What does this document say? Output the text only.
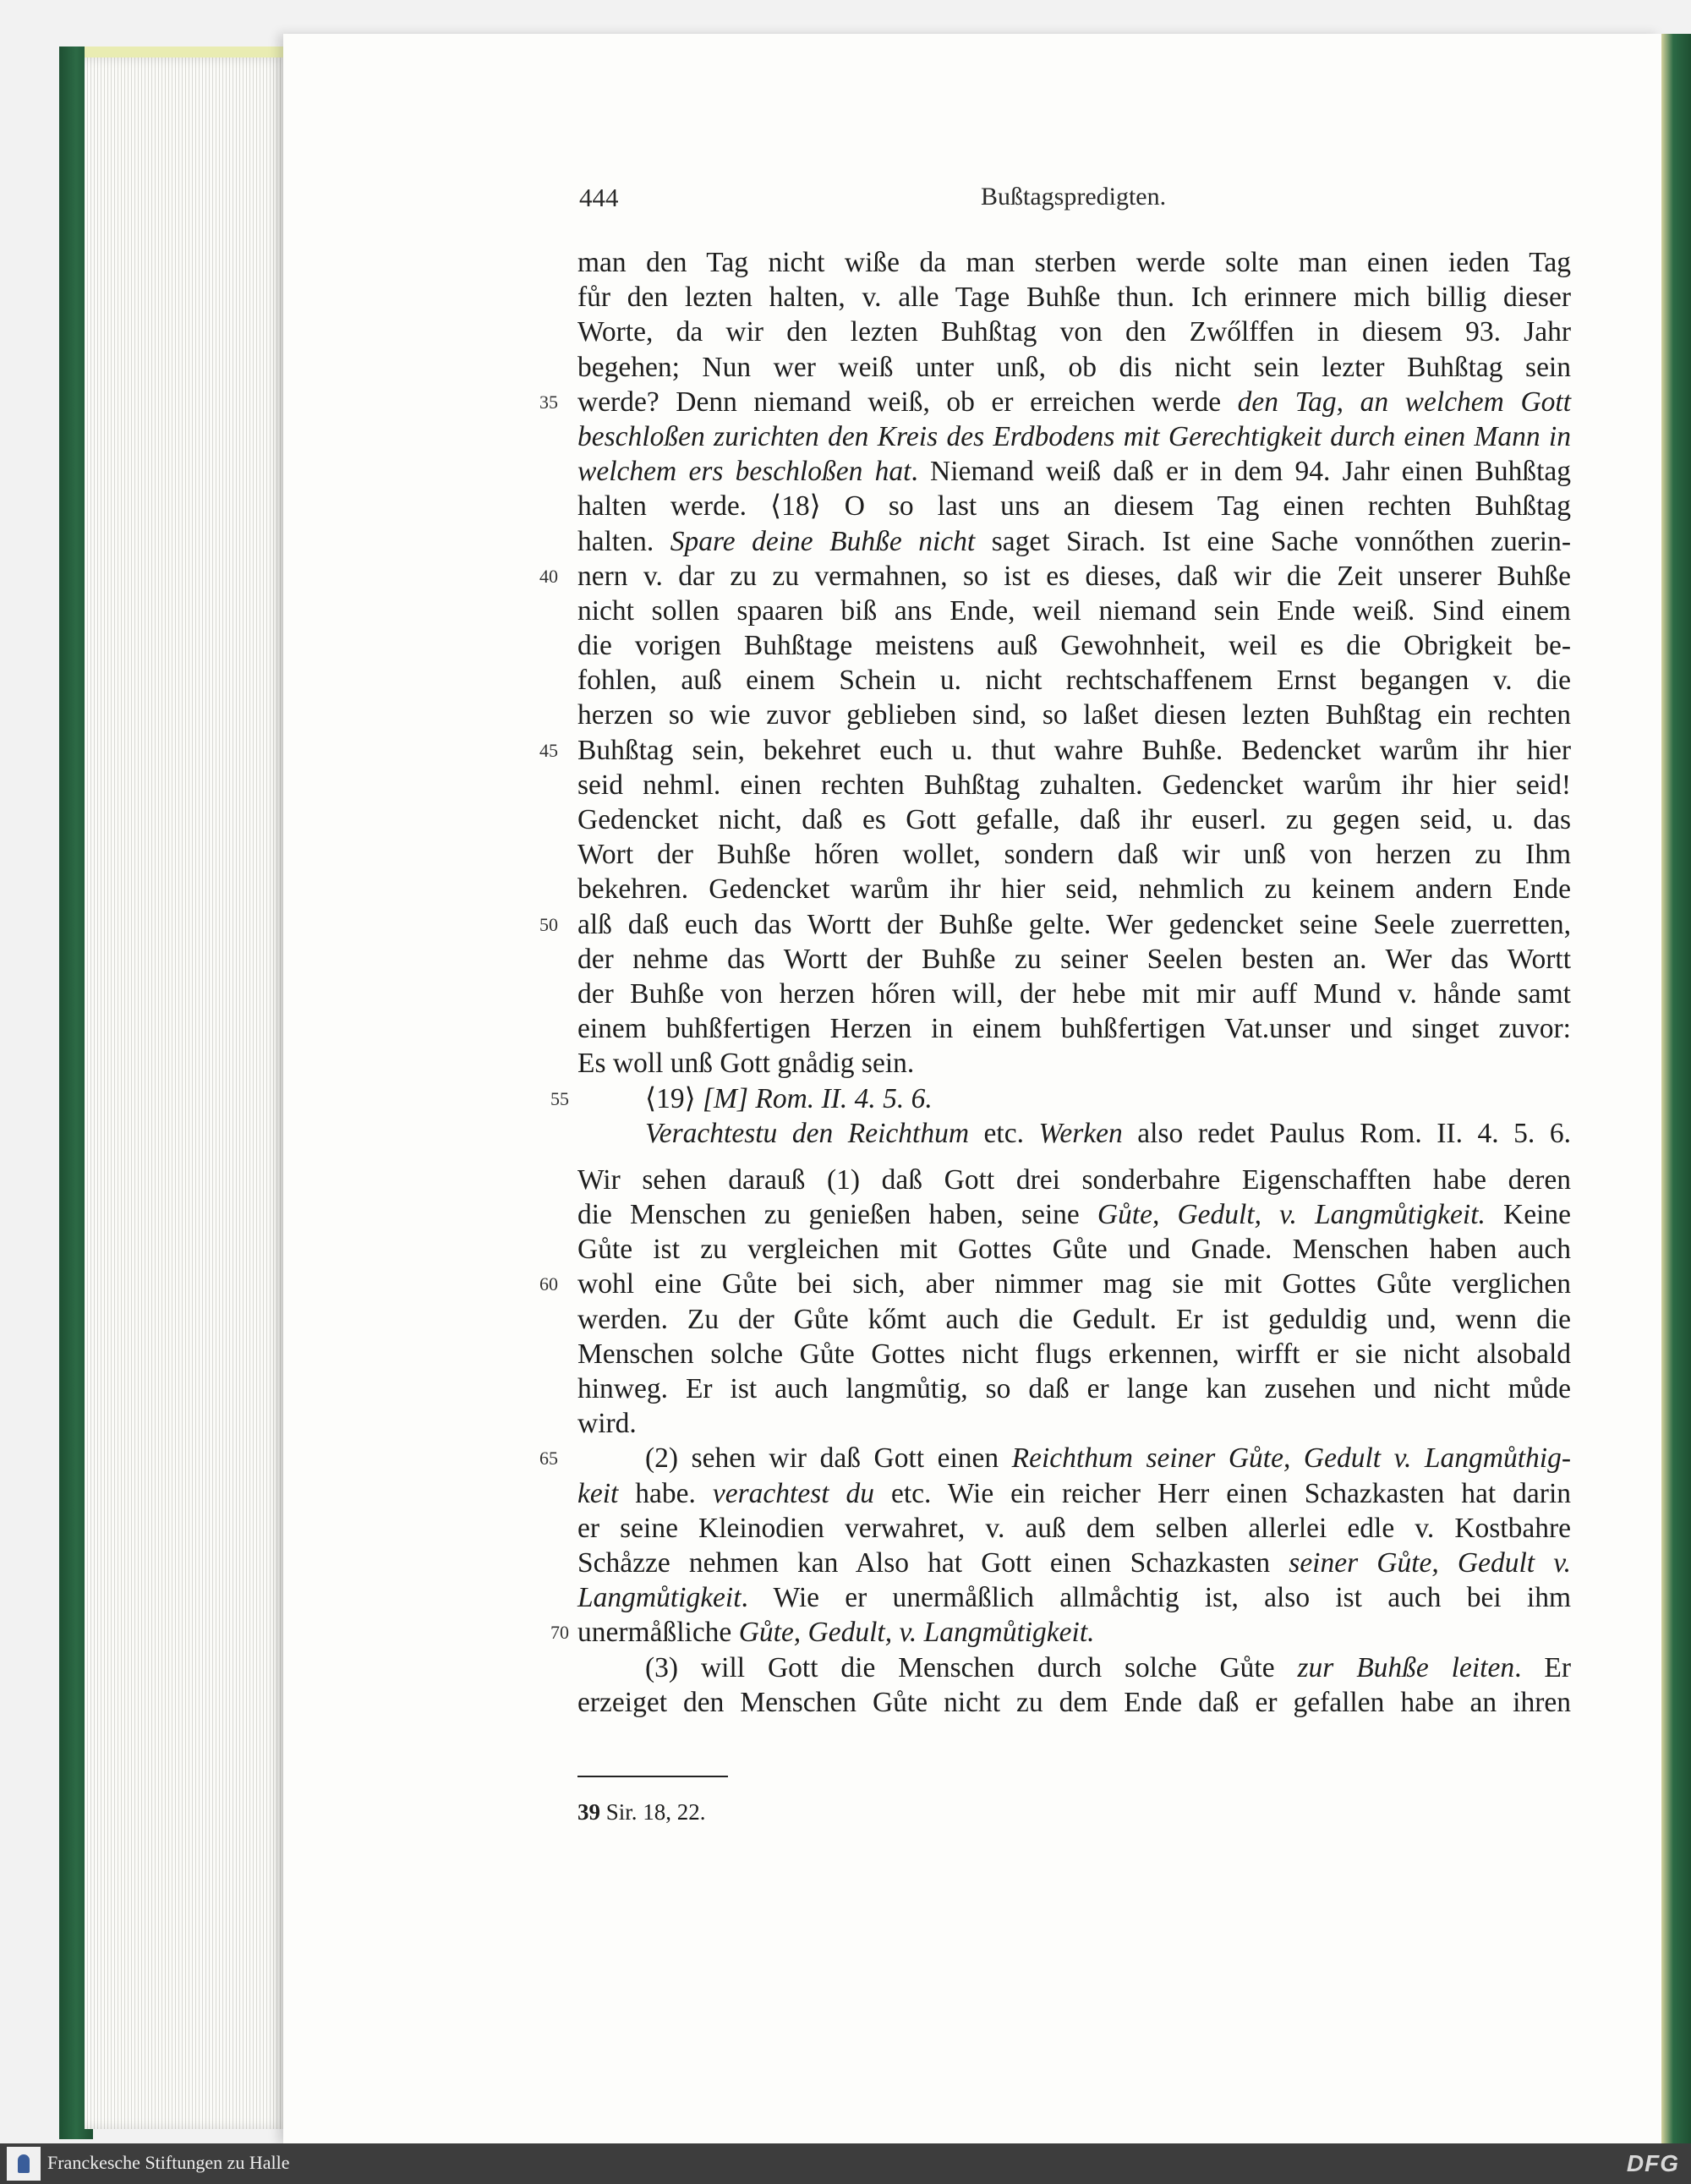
444	Bußtagspredigten.
man den Tag nicht wiße da man sterben werde solte man einen ieden Tag
fůr den lezten halten, v. alle Tage Buhße thun. Ich erinnere mich billig dieser
Worte, da wir den lezten Buhßtag von den Zwőlffen in diesem 93. Jahr
begehen; Nun wer weiß unter unß, ob dis nicht sein lezter Buhßtag sein
35 werde? Denn niemand weiß, ob er erreichen werde den Tag, an welchem Gott
beschloßen zurichten den Kreis des Erdbodens mit Gerechtigkeit durch einen Mann in
welchem ers beschloßen hat. Niemand weiß daß er in dem 94. Jahr einen Buhßtag
halten werde. ⟨18⟩ O so last uns an diesem Tag einen rechten Buhßtag
halten. Spare deine Buhße nicht saget Sirach. Ist eine Sache vonnőthen zuerin-
40 nern v. dar zu zu vermahnen, so ist es dieses, daß wir die Zeit unserer Buhße
nicht sollen spaaren biß ans Ende, weil niemand sein Ende weiß. Sind einem
die vorigen Buhßtage meistens auß Gewohnheit, weil es die Obrigkeit be-
fohlen, auß einem Schein u. nicht rechtschaffenem Ernst begangen v. die
herzen so wie zuvor geblieben sind, so laßet diesen lezten Buhßtag ein rechten
45 Buhßtag sein, bekehret euch u. thut wahre Buhße. Bedencket warům ihr hier
seid nehml. einen rechten Buhßtag zuhalten. Gedencket warům ihr hier seid!
Gedencket nicht, daß es Gott gefalle, daß ihr euserl. zu gegen seid, u. das
Wort der Buhße hőren wollet, sondern daß wir unß von herzen zu Ihm
bekehren. Gedencket warům ihr hier seid, nehmlich zu keinem andern Ende
50 alß daß euch das Wortt der Buhße gelte. Wer gedencket seine Seele zuerretten,
der nehme das Wortt der Buhße zu seiner Seelen besten an. Wer das Wortt
der Buhße von herzen hőren will, der hebe mit mir auff Mund v. hånde samt
einem buhßfertigen Herzen in einem buhßfertigen Vat.unser und singet zuvor:
Es woll unß Gott gnådig sein.
55	⟨19⟩ [M] Rom. II. 4. 5. 6.
Verachtestu den Reichthum etc. Werken also redet Paulus Rom. II. 4. 5. 6.
Wir sehen darauß (1) daß Gott drei sonderbahre Eigenschafften habe deren
die Menschen zu genießen haben, seine Gůte, Gedult, v. Langmůtigkeit. Keine
Gůte ist zu vergleichen mit Gottes Gůte und Gnade. Menschen haben auch
60 wohl eine Gůte bei sich, aber nimmer mag sie mit Gottes Gůte verglichen
werden. Zu der Gůte kőmt auch die Gedult. Er ist geduldig und, wenn die
Menschen solche Gůte Gottes nicht flugs erkennen, wirfft er sie nicht alsobald
hinweg. Er ist auch langmůtig, so daß er lange kan zusehen und nicht můde
wird.
65	(2) sehen wir daß Gott einen Reichthum seiner Gůte, Gedult v. Langmůthig-
keit habe. verachtest du etc. Wie ein reicher Herr einen Schazkasten hat darin
er seine Kleinodien verwahret, v. auß dem selben allerlei edle v. Kostbahre
Schåzze nehmen kan Also hat Gott einen Schazkasten seiner Gůte, Gedult v.
Langmůtigkeit. Wie er unermåßlich allmåchtig ist, also ist auch bei ihm
70 unermåßliche Gůte, Gedult, v. Langmůtigkeit.
(3) will Gott die Menschen durch solche Gůte zur Buhße leiten. Er
erzeiget den Menschen Gůte nicht zu dem Ende daß er gefallen habe an ihren
39 Sir. 18, 22.
Franckesche Stiftungen zu Halle	DFG
